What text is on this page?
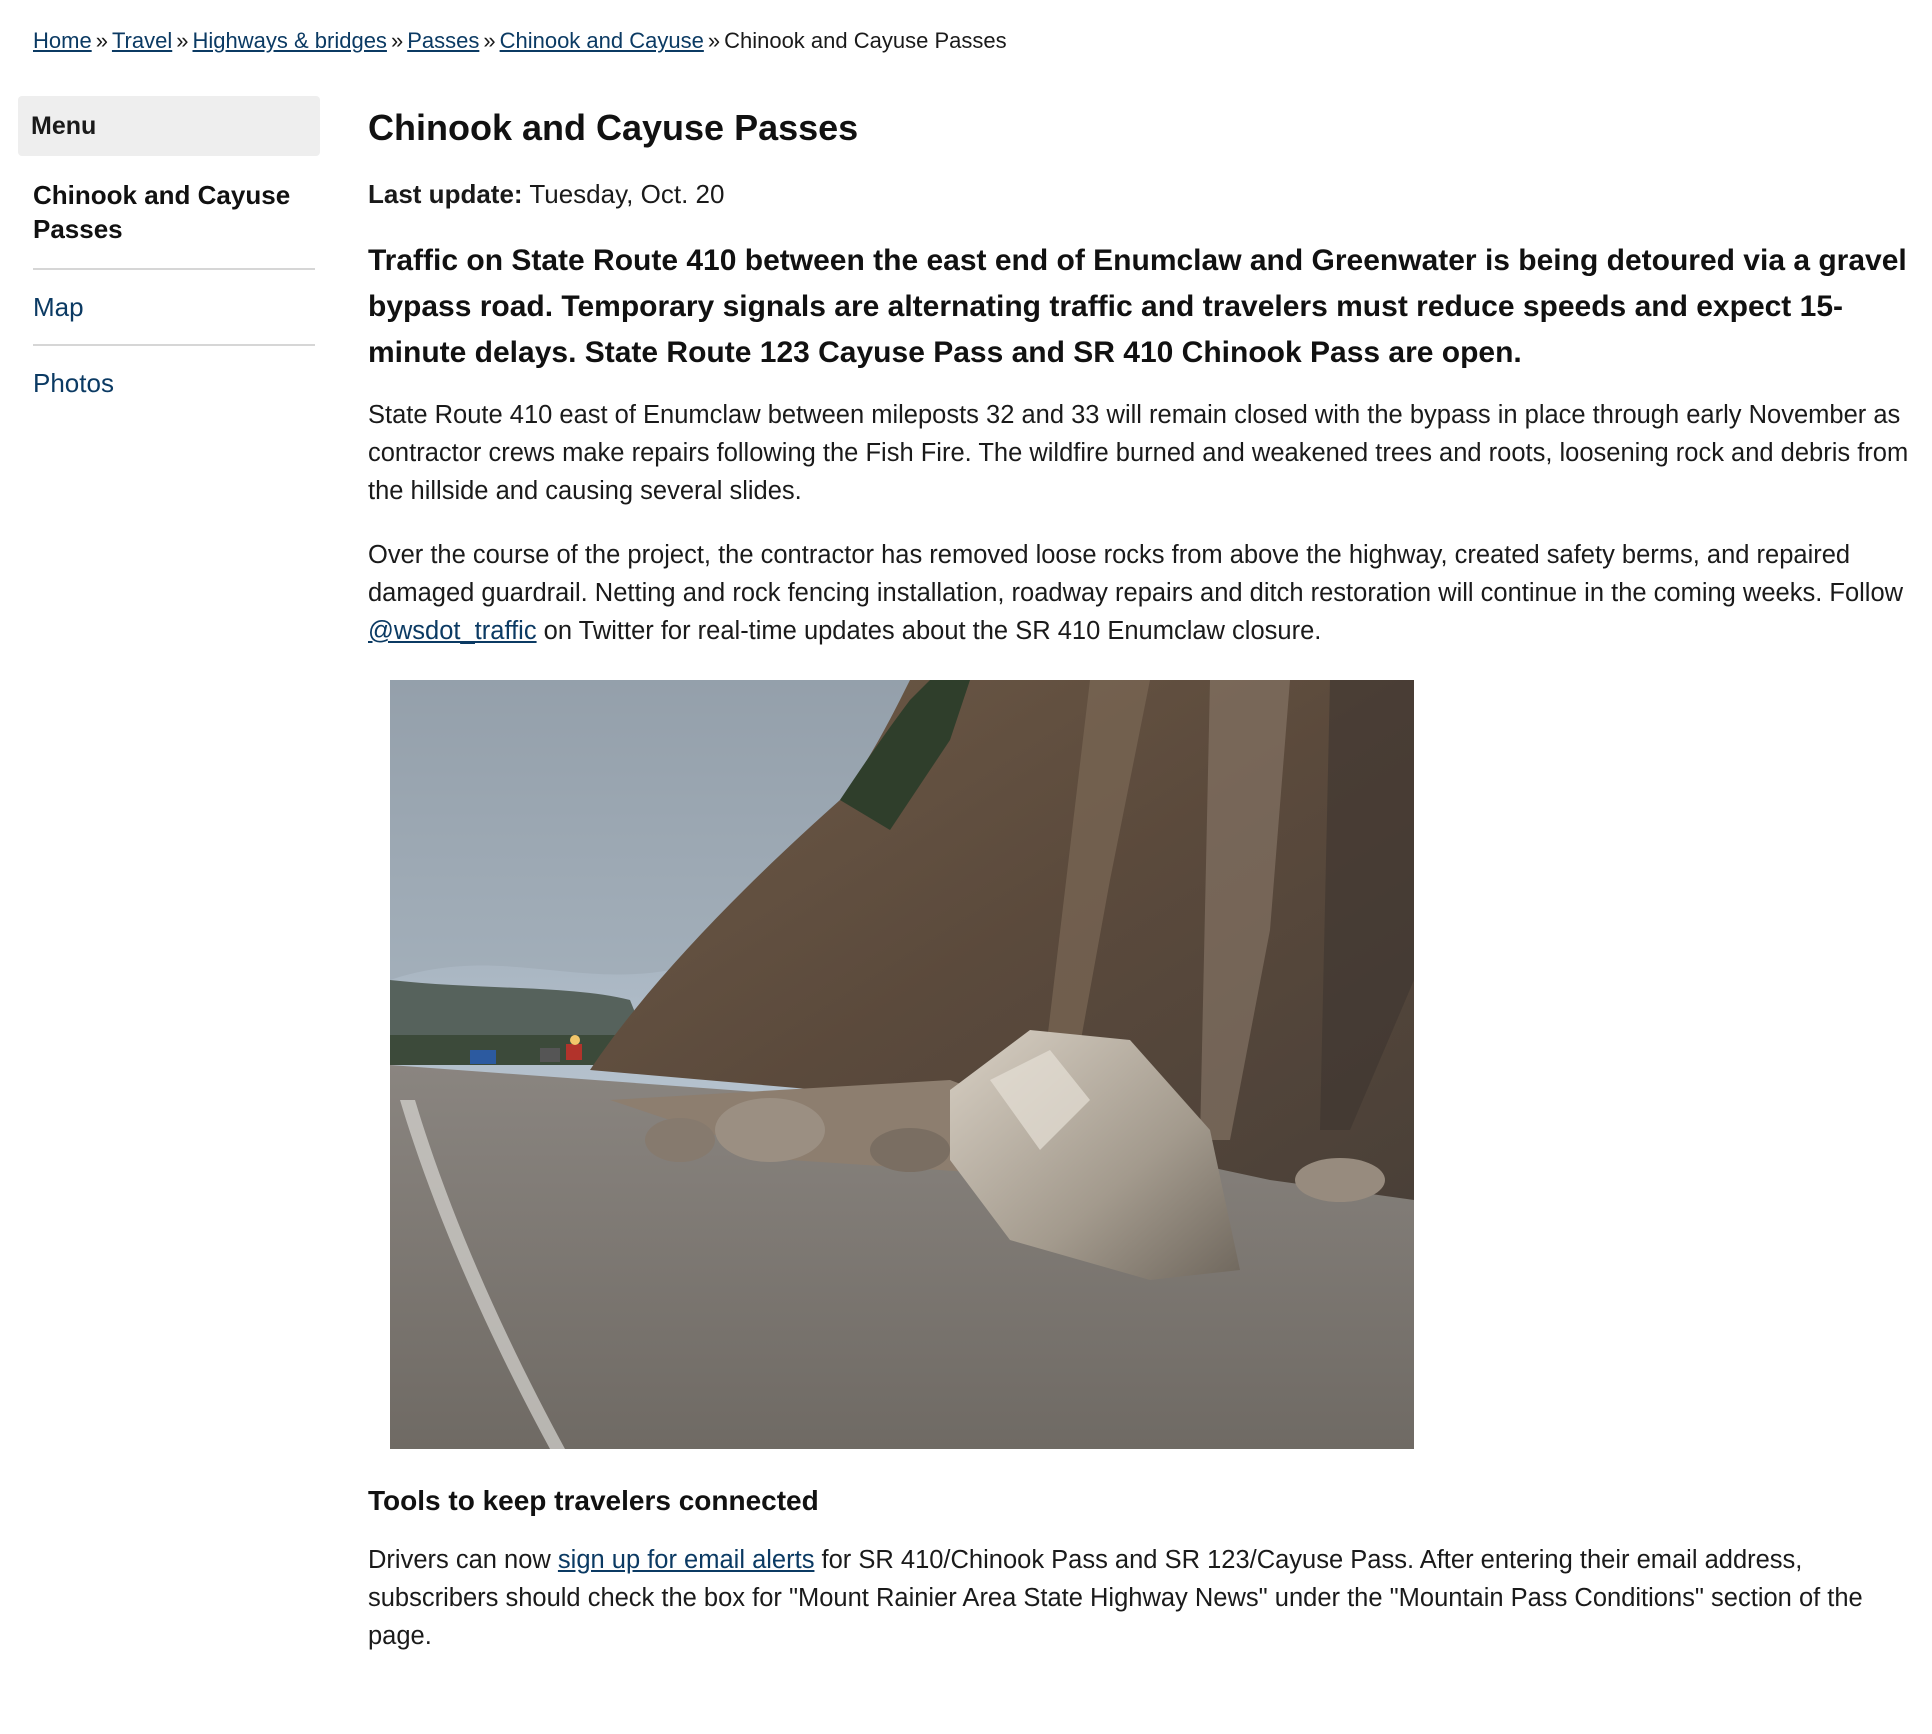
Home » Travel » Highways & bridges » Passes » Chinook and Cayuse » Chinook and Cayuse Passes
Menu
Chinook and Cayuse Passes
Map
Photos
Chinook and Cayuse Passes

Last update: Tuesday, Oct. 20

Traffic on State Route 410 between the east end of Enumclaw and Greenwater is being detoured via a gravel bypass road. Temporary signals are alternating traffic and travelers must reduce speeds and expect 15-minute delays. State Route 123 Cayuse Pass and SR 410 Chinook Pass are open.

State Route 410 east of Enumclaw between mileposts 32 and 33 will remain closed with the bypass in place through early November as contractor crews make repairs following the Fish Fire. The wildfire burned and weakened trees and roots, loosening rock and debris from the hillside and causing several slides.

Over the course of the project, the contractor has removed loose rocks from above the highway, created safety berms, and repaired damaged guardrail. Netting and rock fencing installation, roadway repairs and ditch restoration will continue in the coming weeks. Follow @wsdot_traffic on Twitter for real-time updates about the SR 410 Enumclaw closure.

Tools to keep travelers connected

Drivers can now sign up for email alerts for SR 410/Chinook Pass and SR 123/Cayuse Pass. After entering their email address, subscribers should check the box for "Mount Rainier Area State Highway News" under the "Mountain Pass Conditions" section of the page.
